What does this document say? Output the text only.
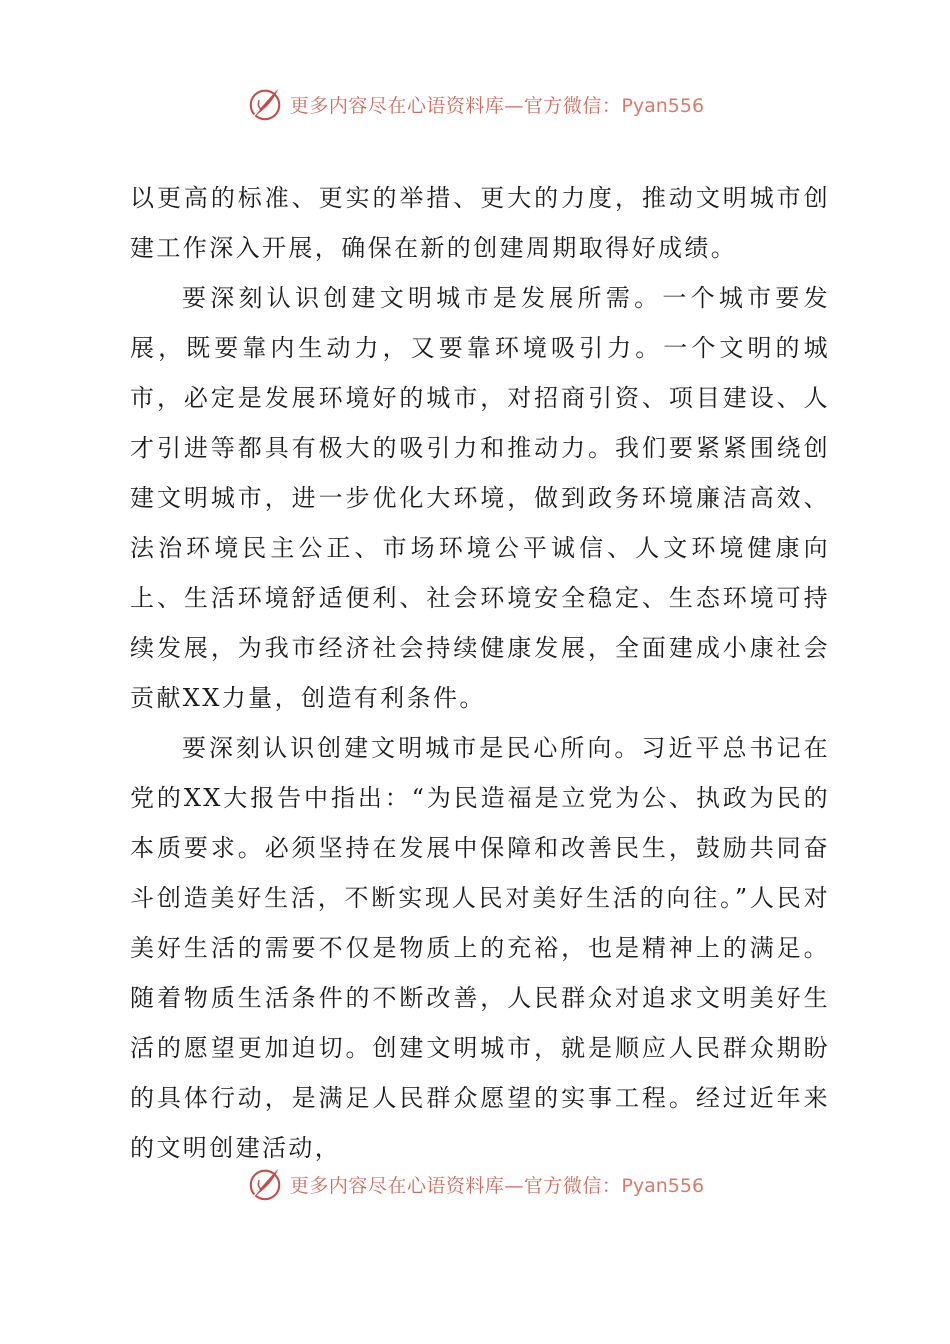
更多内容尽在心语资料库—官方微信：Pyan556

以更高的标准、更实的举措、更大的力度，推动文明城市创建工作深入开展，确保在新的创建周期取得好成绩。

要深刻认识创建文明城市是发展所需。一个城市要发展，既要靠内生动力，又要靠环境吸引力。一个文明的城市，必定是发展环境好的城市，对招商引资、项目建设、人才引进等都具有极大的吸引力和推动力。我们要紧紧围绕创建文明城市，进一步优化大环境，做到政务环境廉洁高效、法治环境民主公正、市场环境公平诚信、人文环境健康向上、生活环境舒适便利、社会环境安全稳定、生态环境可持续发展，为我市经济社会持续健康发展，全面建成小康社会贡献XX力量，创造有利条件。

要深刻认识创建文明城市是民心所向。习近平总书记在党的XX大报告中指出：“为民造福是立党为公、执政为民的本质要求。必须坚持在发展中保障和改善民生，鼓励共同奋斗创造美好生活，不断实现人民对美好生活的向往。”人民对美好生活的需要不仅是物质上的充裕，也是精神上的满足。随着物质生活条件的不断改善，人民群众对追求文明美好生活的愿望更加迫切。创建文明城市，就是顺应人民群众期盼的具体行动，是满足人民群众愿望的实事工程。经过近年来的文明创建活动，

更多内容尽在心语资料库—官方微信：Pyan556
